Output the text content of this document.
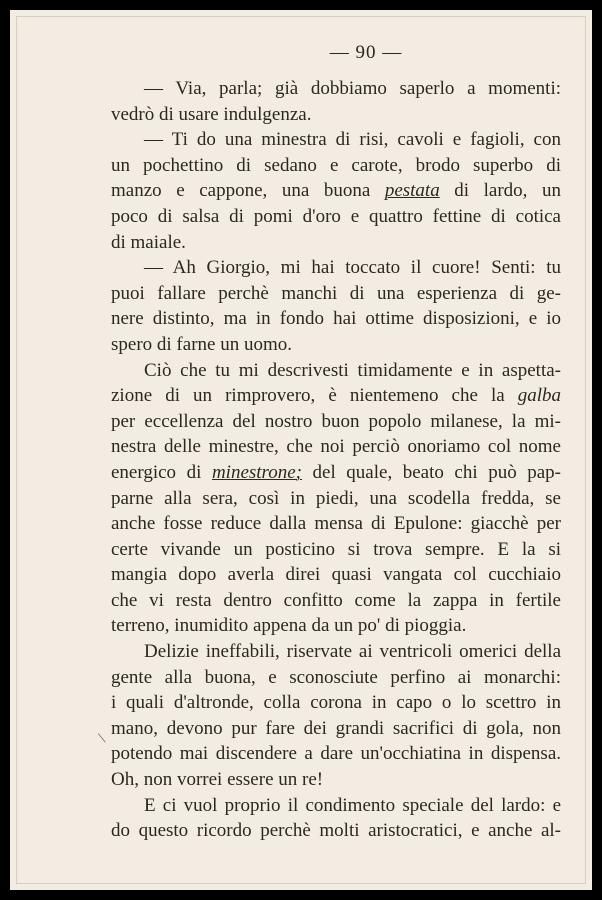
— 90 —
— Via, parla; già dobbiamo saperlo a momenti:
vedrò di usare indulgenza.
— Ti do una minestra di risi, cavoli e fagioli, con
un pochettino di sedano e carote, brodo superbo di
manzo e cappone, una buona pestata di lardo, un
poco di salsa di pomi d'oro e quattro fettine di cotica
di maiale.
— Ah Giorgio, mi hai toccato il cuore! Senti: tu
puoi fallare perchè manchi di una esperienza di ge-
nere distinto, ma in fondo hai ottime disposizioni, e io
spero di farne un uomo.
Ciò che tu mi descrivesti timidamente e in aspetta-
zione di un rimprovero, è nientemeno che la galba
per eccellenza del nostro buon popolo milanese, la mi-
nestra delle minestre, che noi perciò onoriamo col nome
energico di minestrone; del quale, beato chi può pap-
parne alla sera, così in piedi, una scodella fredda, se
anche fosse reduce dalla mensa di Epulone: giacchè per
certe vivande un posticino si trova sempre. E la si
mangia dopo averla direi quasi vangata col cucchiaio
che vi resta dentro confitto come la zappa in fertile
terreno, inumidito appena da un po' di pioggia.
Delizie ineffabili, riservate ai ventricoli omerici della
gente alla buona, e sconosciute perfino ai monarchi:
i quali d'altronde, colla corona in capo o lo scettro in
mano, devono pur fare dei grandi sacrifici di gola, non
potendo mai discendere a dare un'occhiatina in dispensa.
Oh, non vorrei essere un re!
E ci vuol proprio il condimento speciale del lardo: e
do questo ricordo perchè molti aristocratici, e anche al-
\
